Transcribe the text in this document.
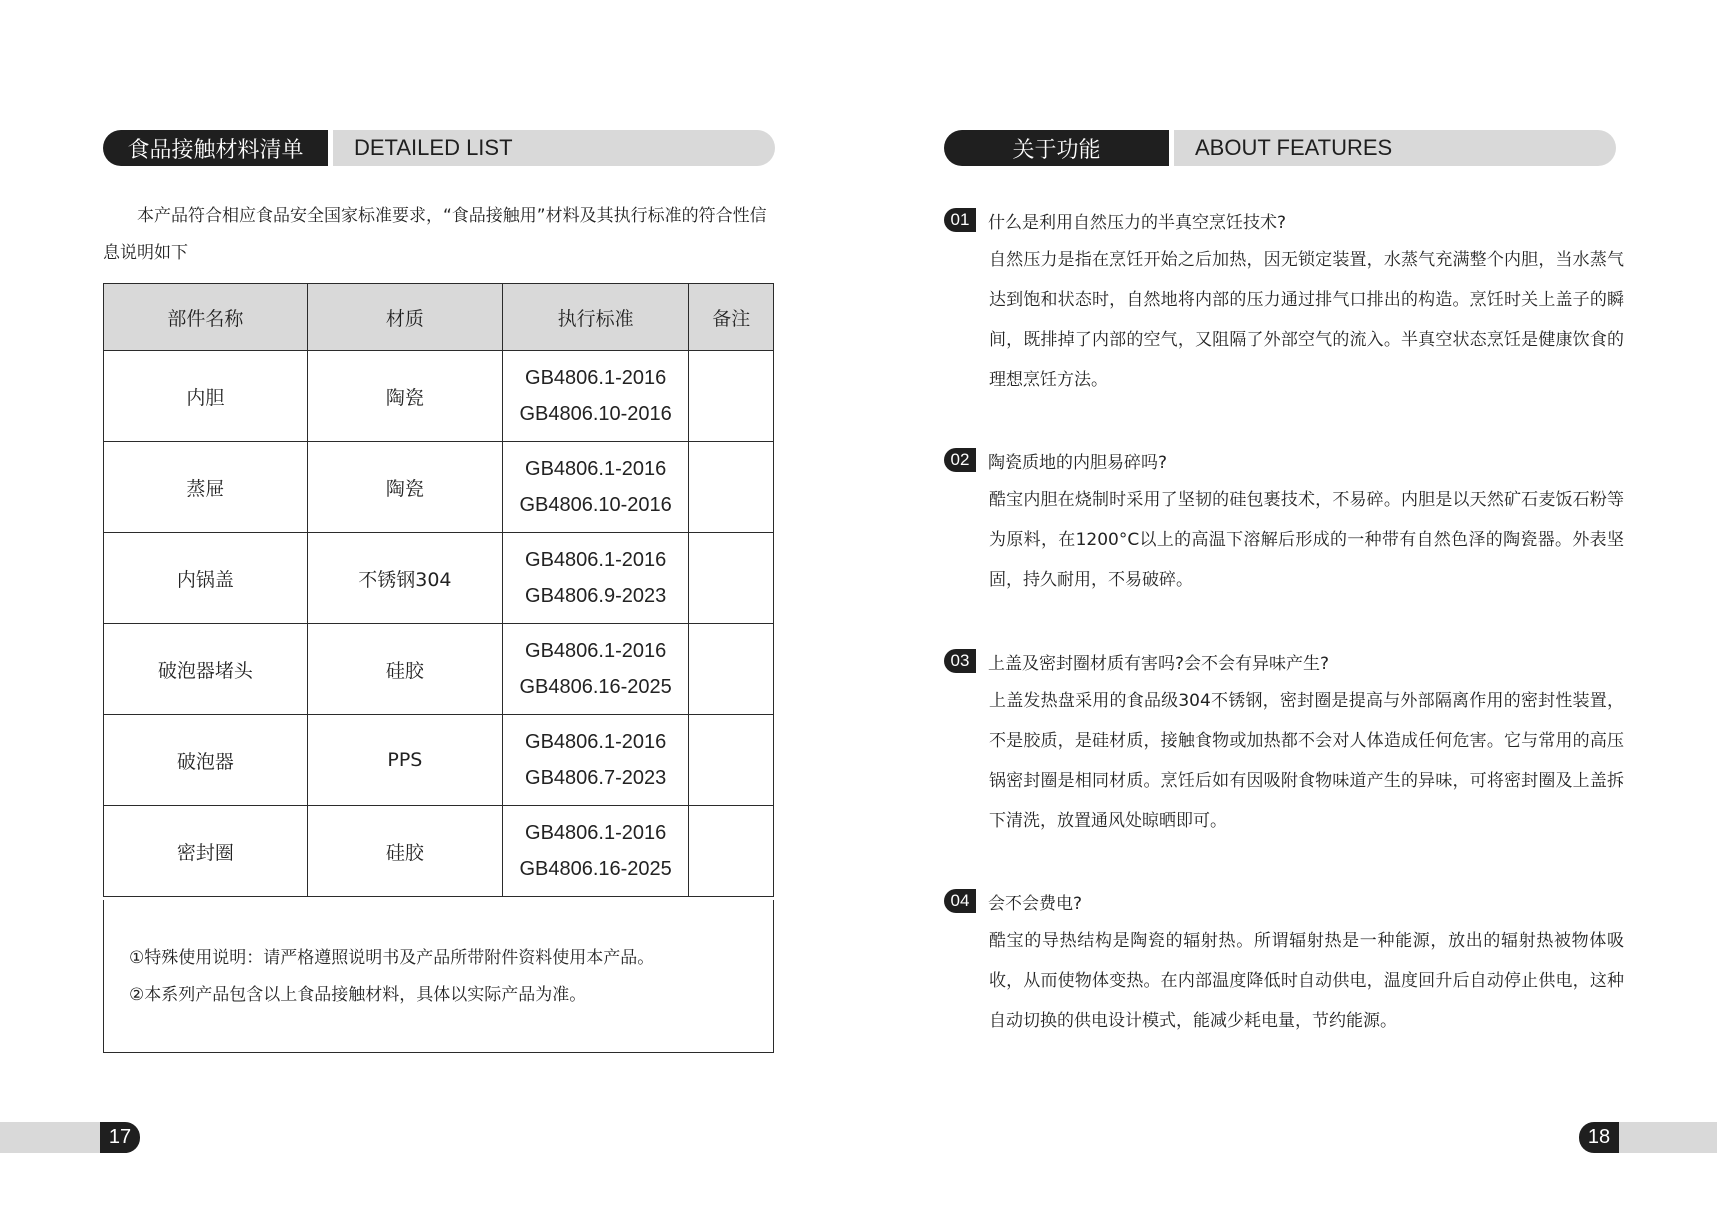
食品接触材料清单	DETAILED LIST
本产品符合相应食品安全国家标准要求，“食品接触用”材料及其执行标准的符合性信息说明如下
部件名称	材质	执行标准	备注
内胆	陶瓷	GB4806.1-2016
GB4806.10-2016	

蒸屉	陶瓷	GB4806.1-2016
GB4806.10-2016	

内锅盖	不锈钢304	GB4806.1-2016
GB4806.9-2023	

破泡器堵头	硅胶	GB4806.1-2016
GB4806.16-2025	

破泡器	PPS	GB4806.1-2016
GB4806.7-2023	

密封圈	硅胶	GB4806.1-2016
GB4806.16-2025	

①特殊使用说明：请严格遵照说明书及产品所带附件资料使用本产品。

②本系列产品包含以上食品接触材料，具体以实际产品为准。

17
关于功能	ABOUT FEATURES
01	什么是利用自然压力的半真空烹饪技术?
自然压力是指在烹饪开始之后加热，因无锁定装置，水蒸气充满整个内胆，当水蒸气达到饱和状态时，自然地将内部的压力通过排气口排出的构造。烹饪时关上盖子的瞬间，既排掉了内部的空气，又阻隔了外部空气的流入。半真空状态烹饪是健康饮食的理想烹饪方法。
02	陶瓷质地的内胆易碎吗?
酷宝内胆在烧制时采用了坚韧的硅包裹技术，不易碎。内胆是以天然矿石麦饭石粉等为原料，在1200°C以上的高温下溶解后形成的一种带有自然色泽的陶瓷器。外表坚固，持久耐用，不易破碎。
03	上盖及密封圈材质有害吗?会不会有异味产生?
上盖发热盘采用的食品级304不锈钢，密封圈是提高与外部隔离作用的密封性装置，不是胶质，是硅材质，接触食物或加热都不会对人体造成任何危害。它与常用的高压锅密封圈是相同材质。烹饪后如有因吸附食物味道产生的异味，可将密封圈及上盖拆下清洗，放置通风处晾晒即可。
04	会不会费电?
酷宝的导热结构是陶瓷的辐射热。所谓辐射热是一种能源，放出的辐射热被物体吸收，从而使物体变热。在内部温度降低时自动供电，温度回升后自动停止供电，这种自动切换的供电设计模式，能减少耗电量，节约能源。
18
